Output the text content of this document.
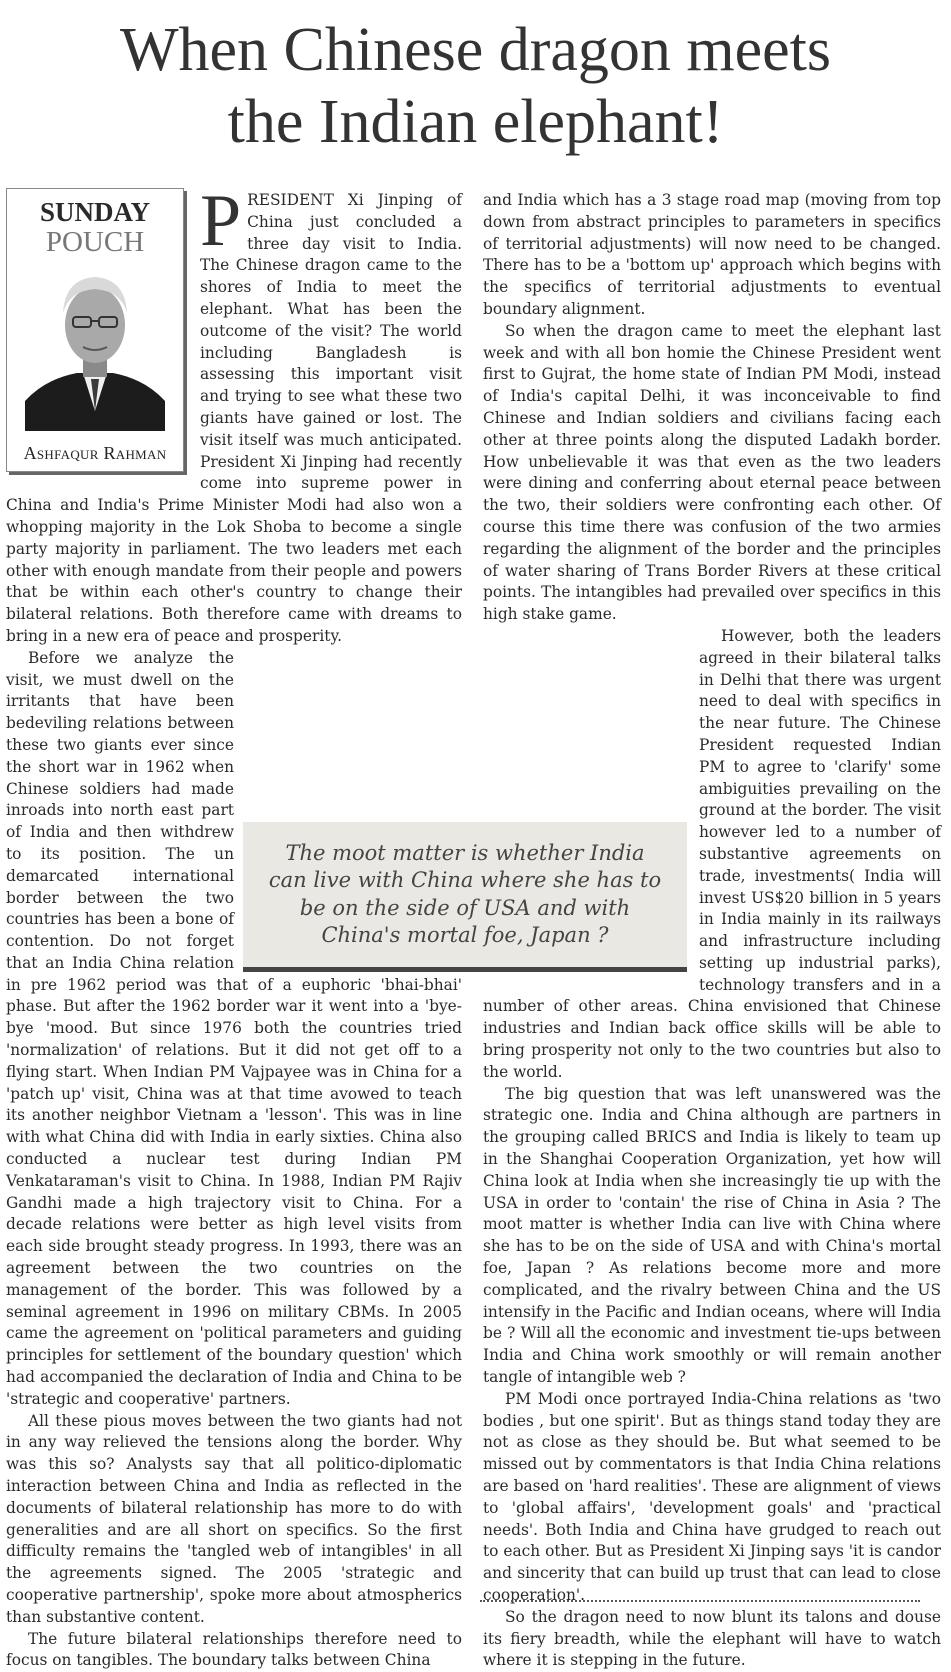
When Chinese dragon meets
the Indian elephant!
SUNDAY
POUCH
Ashfaqur Rahman
P RESIDENT Xi Jinping of China just concluded a three day visit to India. The Chinese dragon came to the shores of India to meet the elephant. What has been the outcome of the visit? The world including Bangladesh is assessing this important visit and trying to see what these two giants have gained or lost. The visit itself was much anticipated. President Xi Jinping had recently come into supreme power in China and India's Prime Minister Modi had also won a whopping majority in the Lok Shoba to become a single party majority in parliament. The two leaders met each other with enough mandate from their people and powers that be within each other's country to change their bilateral relations. Both therefore came with dreams to bring in a new era of peace and prosperity.

Before we analyze the visit, we must dwell on the irritants that have been bedeviling relations between these two giants ever since the short war in 1962 when Chinese soldiers had made inroads into north east part of India and then withdrew to its position. The un demarcated international border between the two countries has been a bone of contention. Do not forget that an India China relation in pre 1962 period was that of a euphoric 'bhai-bhai' phase. But after the 1962 border war it went into a 'bye-bye 'mood. But since 1976 both the countries tried 'normalization' of relations. But it did not get off to a flying start. When Indian PM Vajpayee was in China for a 'patch up' visit, China was at that time avowed to teach its another neighbor Vietnam a 'lesson'. This was in line with what China did with India in early sixties. China also conducted a nuclear test during Indian PM Venkataraman's visit to China. In 1988, Indian PM Rajiv Gandhi made a high trajectory visit to China. For a decade relations were better as high level visits from each side brought steady progress. In 1993, there was an agreement between the two countries on the management of the border. This was followed by a seminal agreement in 1996 on military CBMs. In 2005 came the agreement on 'political parameters and guiding principles for settlement of the boundary question' which had accompanied the declaration of India and China to be 'strategic and cooperative' partners.

All these pious moves between the two giants had not in any way relieved the tensions along the border. Why was this so? Analysts say that all politico-diplomatic interaction between China and India as reflected in the documents of bilateral relationship has more to do with generalities and are all short on specifics. So the first difficulty remains the 'tangled web of intangibles' in all the agreements signed. The 2005 'strategic and cooperative partnership', spoke more about atmospherics than substantive content.

The future bilateral relationships therefore need to focus on tangibles. The boundary talks between China

and India which has a 3 stage road map (moving from top down from abstract principles to parameters in specifics of territorial adjustments) will now need to be changed. There has to be a 'bottom up' approach which begins with the specifics of territorial adjustments to eventual boundary alignment.

So when the dragon came to meet the elephant last week and with all bon homie the Chinese President went first to Gujrat, the home state of Indian PM Modi, instead of India's capital Delhi, it was inconceivable to find Chinese and Indian soldiers and civilians facing each other at three points along the disputed Ladakh border. How unbelievable it was that even as the two leaders were dining and conferring about eternal peace between the two, their soldiers were confronting each other. Of course this time there was confusion of the two armies regarding the alignment of the border and the principles of water sharing of Trans Border Rivers at these critical points. The intangibles had prevailed over specifics in this high stake game.

However, both the leaders agreed in their bilateral talks in Delhi that there was urgent need to deal with specifics in the near future. The Chinese President requested Indian PM to agree to 'clarify' some ambiguities prevailing on the ground at the border. The visit however led to a number of substantive agreements on trade, investments( India will invest US$20 billion in 5 years in India mainly in its railways and infrastructure including setting up industrial parks), technology transfers and in a number of other areas. China envisioned that Chinese industries and Indian back office skills will be able to bring prosperity not only to the two countries but also to the world.

The big question that was left unanswered was the strategic one. India and China although are partners in the grouping called BRICS and India is likely to team up in the Shanghai Cooperation Organization, yet how will China look at India when she increasingly tie up with the USA in order to 'contain' the rise of China in Asia ? The moot matter is whether India can live with China where she has to be on the side of USA and with China's mortal foe, Japan ? As relations become more and more complicated, and the rivalry between China and the US intensify in the Pacific and Indian oceans, where will India be ? Will all the economic and investment tie-ups between India and China work smoothly or will remain another tangle of intangible web ?

PM Modi once portrayed India-China relations as 'two bodies , but one spirit'. But as things stand today they are not as close as they should be. But what seemed to be missed out by commentators is that India China relations are based on 'hard realities'. These are alignment of views to 'global affairs', 'development goals' and 'practical needs'. Both India and China have grudged to reach out to each other. But as President Xi Jinping says 'it is candor and sincerity that can build up trust that can lead to close cooperation'.

So the dragon need to now blunt its talons and douse its fiery breadth, while the elephant will have to watch where it is stepping in the future.

The moot matter is whether India can live with China where she has to be on the side of USA and with China's mortal foe, Japan ?
